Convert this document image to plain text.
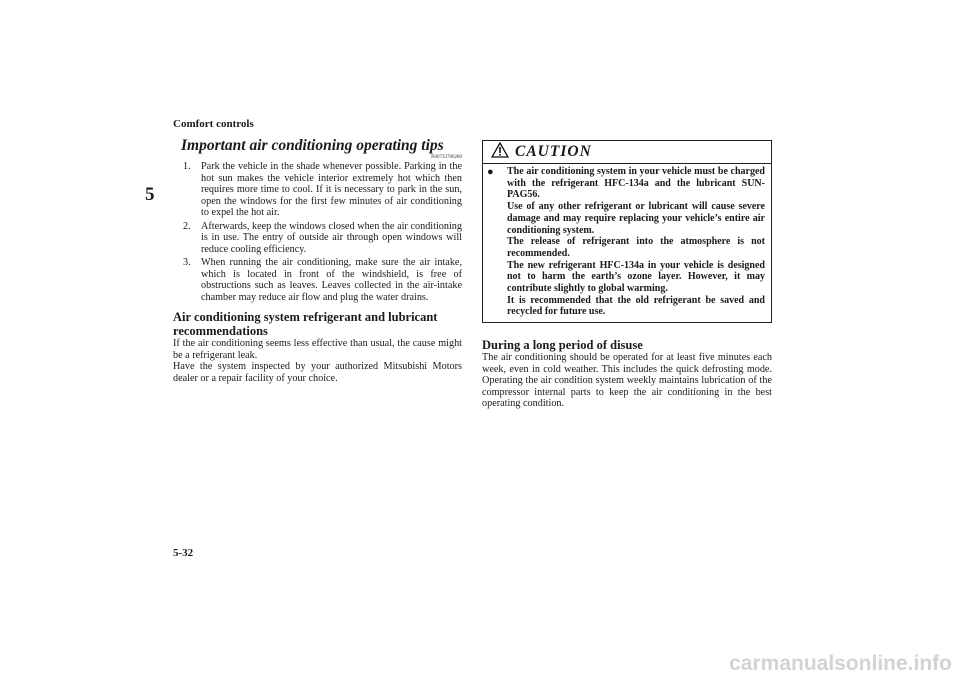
Comfort controls
5
Important air conditioning operating tips
N00733700280
1. Park the vehicle in the shade whenever possible. Parking in the hot sun makes the vehicle interior extremely hot which then requires more time to cool. If it is necessary to park in the sun, open the windows for the first few minutes of air conditioning to expel the hot air.
2. Afterwards, keep the windows closed when the air conditioning is in use. The entry of outside air through open windows will reduce cooling efficiency.
3. When running the air conditioning, make sure the air intake, which is located in front of the windshield, is free of obstructions such as leaves. Leaves collected in the air-intake chamber may reduce air flow and plug the water drains.
Air conditioning system refrigerant and lubricant recommendations

If the air conditioning seems less effective than usual, the cause might be a refrigerant leak.

Have the system inspected by your authorized Mitsubishi Motors dealer or a repair facility of your choice.

CAUTION
● The air conditioning system in your vehicle must be charged with the refrigerant HFC-134a and the lubricant SUN-PAG56.

Use of any other refrigerant or lubricant will cause severe damage and may require replacing your vehicle’s entire air conditioning system.

The release of refrigerant into the atmosphere is not recommended.

The new refrigerant HFC-134a in your vehicle is designed not to harm the earth’s ozone layer. However, it may contribute slightly to global warming.

It is recommended that the old refrigerant be saved and recycled for future use.

During a long period of disuse

The air conditioning should be operated for at least five minutes each week, even in cold weather. This includes the quick defrosting mode. Operating the air condition system weekly maintains lubrication of the compressor internal parts to keep the air conditioning in the best operating condition.

5-32
carmanualsonline.info
